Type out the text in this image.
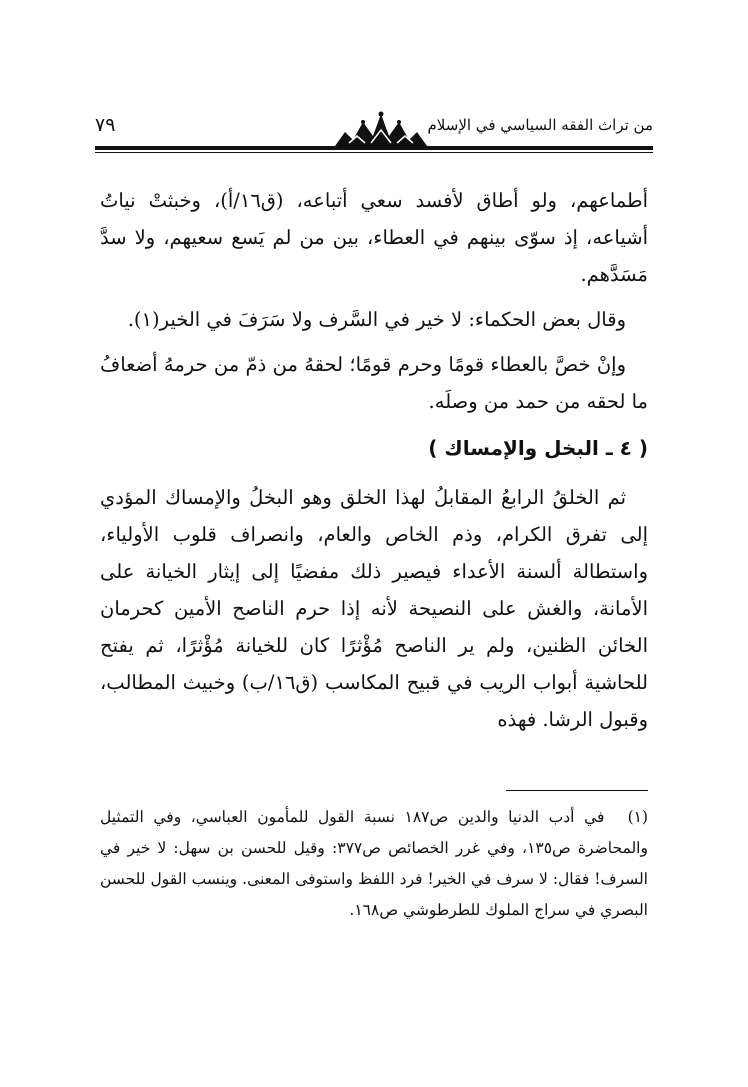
من تراث الفقه السياسي في الإسلام
٧٩

أطماعهم، ولو أطاق لأفسد سعي أتباعه، (ق١٦/أ)، وخبثتْ نياتُ أشياعه، إذ سوّى بينهم في العطاء، بين من لم يَسع سعيهم، ولا سدَّ مَسَدَّهم.

وقال بعض الحكماء: لا خير في السَّرف ولا سَرَفَ في الخير(١).

وإنْ خصَّ بالعطاء قومًا وحرم قومًا؛ لحقهُ من ذمّ من حرمهُ أضعافُ ما لحقه من حمد من وصلَه.

( ٤ ـ البخل والإمساك )

ثم الخلقُ الرابعُ المقابلُ لهذا الخلق وهو البخلُ والإمساك المؤدي إلى تفرق الكرام، وذم الخاص والعام، وانصراف قلوب الأولياء، واستطالة ألسنة الأعداء فيصير ذلك مفضيًا إلى إيثار الخيانة على الأمانة، والغش على النصيحة لأنه إذا حرم الناصح الأمين كحرمان الخائن الظنين، ولم ير الناصح مُؤْثرًا كان للخيانة مُؤْثرًا، ثم يفتح للحاشية أبواب الريب في قبيح المكاسب (ق١٦/ب) وخبيث المطالب، وقبول الرشا. فهذه

(١) في أدب الدنيا والدين ص١٨٧ نسبة القول للمأمون العباسي، وفي التمثيل والمحاضرة ص١٣٥، وفي غرر الخصائص ص٣٧٧: وقيل للحسن بن سهل: لا خير في السرف! فقال: لا سرف في الخير! فرد اللفظ واستوفى المعنى. وينسب القول للحسن البصري في سراج الملوك للطرطوشي ص١٦٨.
